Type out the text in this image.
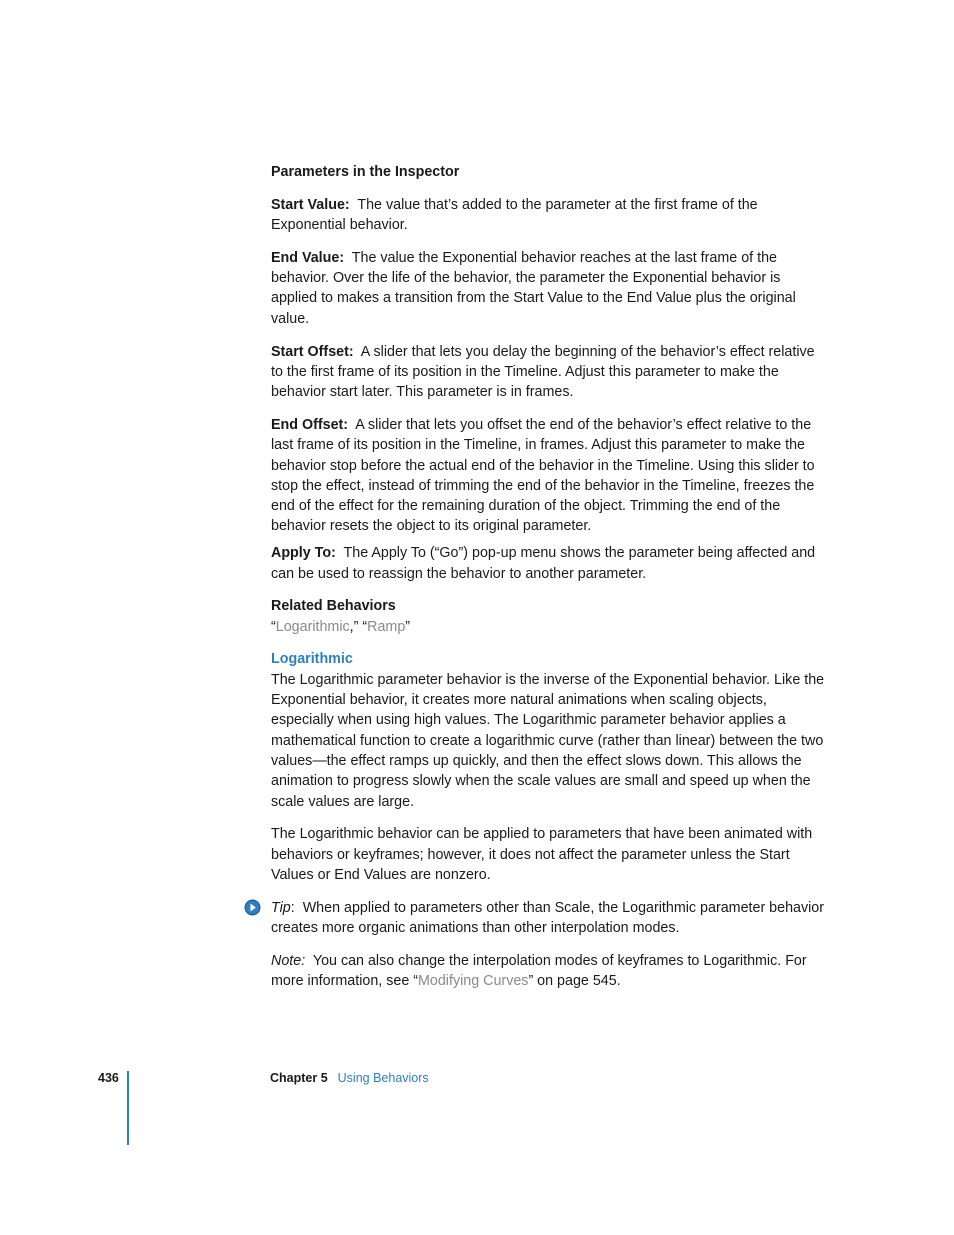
Parameters in the Inspector

Start Value: The value that’s added to the parameter at the first frame of the Exponential behavior.

End Value: The value the Exponential behavior reaches at the last frame of the behavior. Over the life of the behavior, the parameter the Exponential behavior is applied to makes a transition from the Start Value to the End Value plus the original value.

Start Offset: A slider that lets you delay the beginning of the behavior’s effect relative to the first frame of its position in the Timeline. Adjust this parameter to make the behavior start later. This parameter is in frames.

End Offset: A slider that lets you offset the end of the behavior’s effect relative to the last frame of its position in the Timeline, in frames. Adjust this parameter to make the behavior stop before the actual end of the behavior in the Timeline. Using this slider to stop the effect, instead of trimming the end of the behavior in the Timeline, freezes the end of the effect for the remaining duration of the object. Trimming the end of the behavior resets the object to its original parameter.

Apply To: The Apply To (“Go”) pop-up menu shows the parameter being affected and can be used to reassign the behavior to another parameter.

Related Behaviors

“Logarithmic,” “Ramp”

Logarithmic

The Logarithmic parameter behavior is the inverse of the Exponential behavior. Like the Exponential behavior, it creates more natural animations when scaling objects, especially when using high values. The Logarithmic parameter behavior applies a mathematical function to create a logarithmic curve (rather than linear) between the two values—the effect ramps up quickly, and then the effect slows down. This allows the animation to progress slowly when the scale values are small and speed up when the scale values are large.

The Logarithmic behavior can be applied to parameters that have been animated with behaviors or keyframes; however, it does not affect the parameter unless the Start Values or End Values are nonzero.

Tip: When applied to parameters other than Scale, the Logarithmic parameter behavior creates more organic animations than other interpolation modes.

Note: You can also change the interpolation modes of keyframes to Logarithmic. For more information, see “Modifying Curves” on page 545.

436	Chapter 5 Using Behaviors
